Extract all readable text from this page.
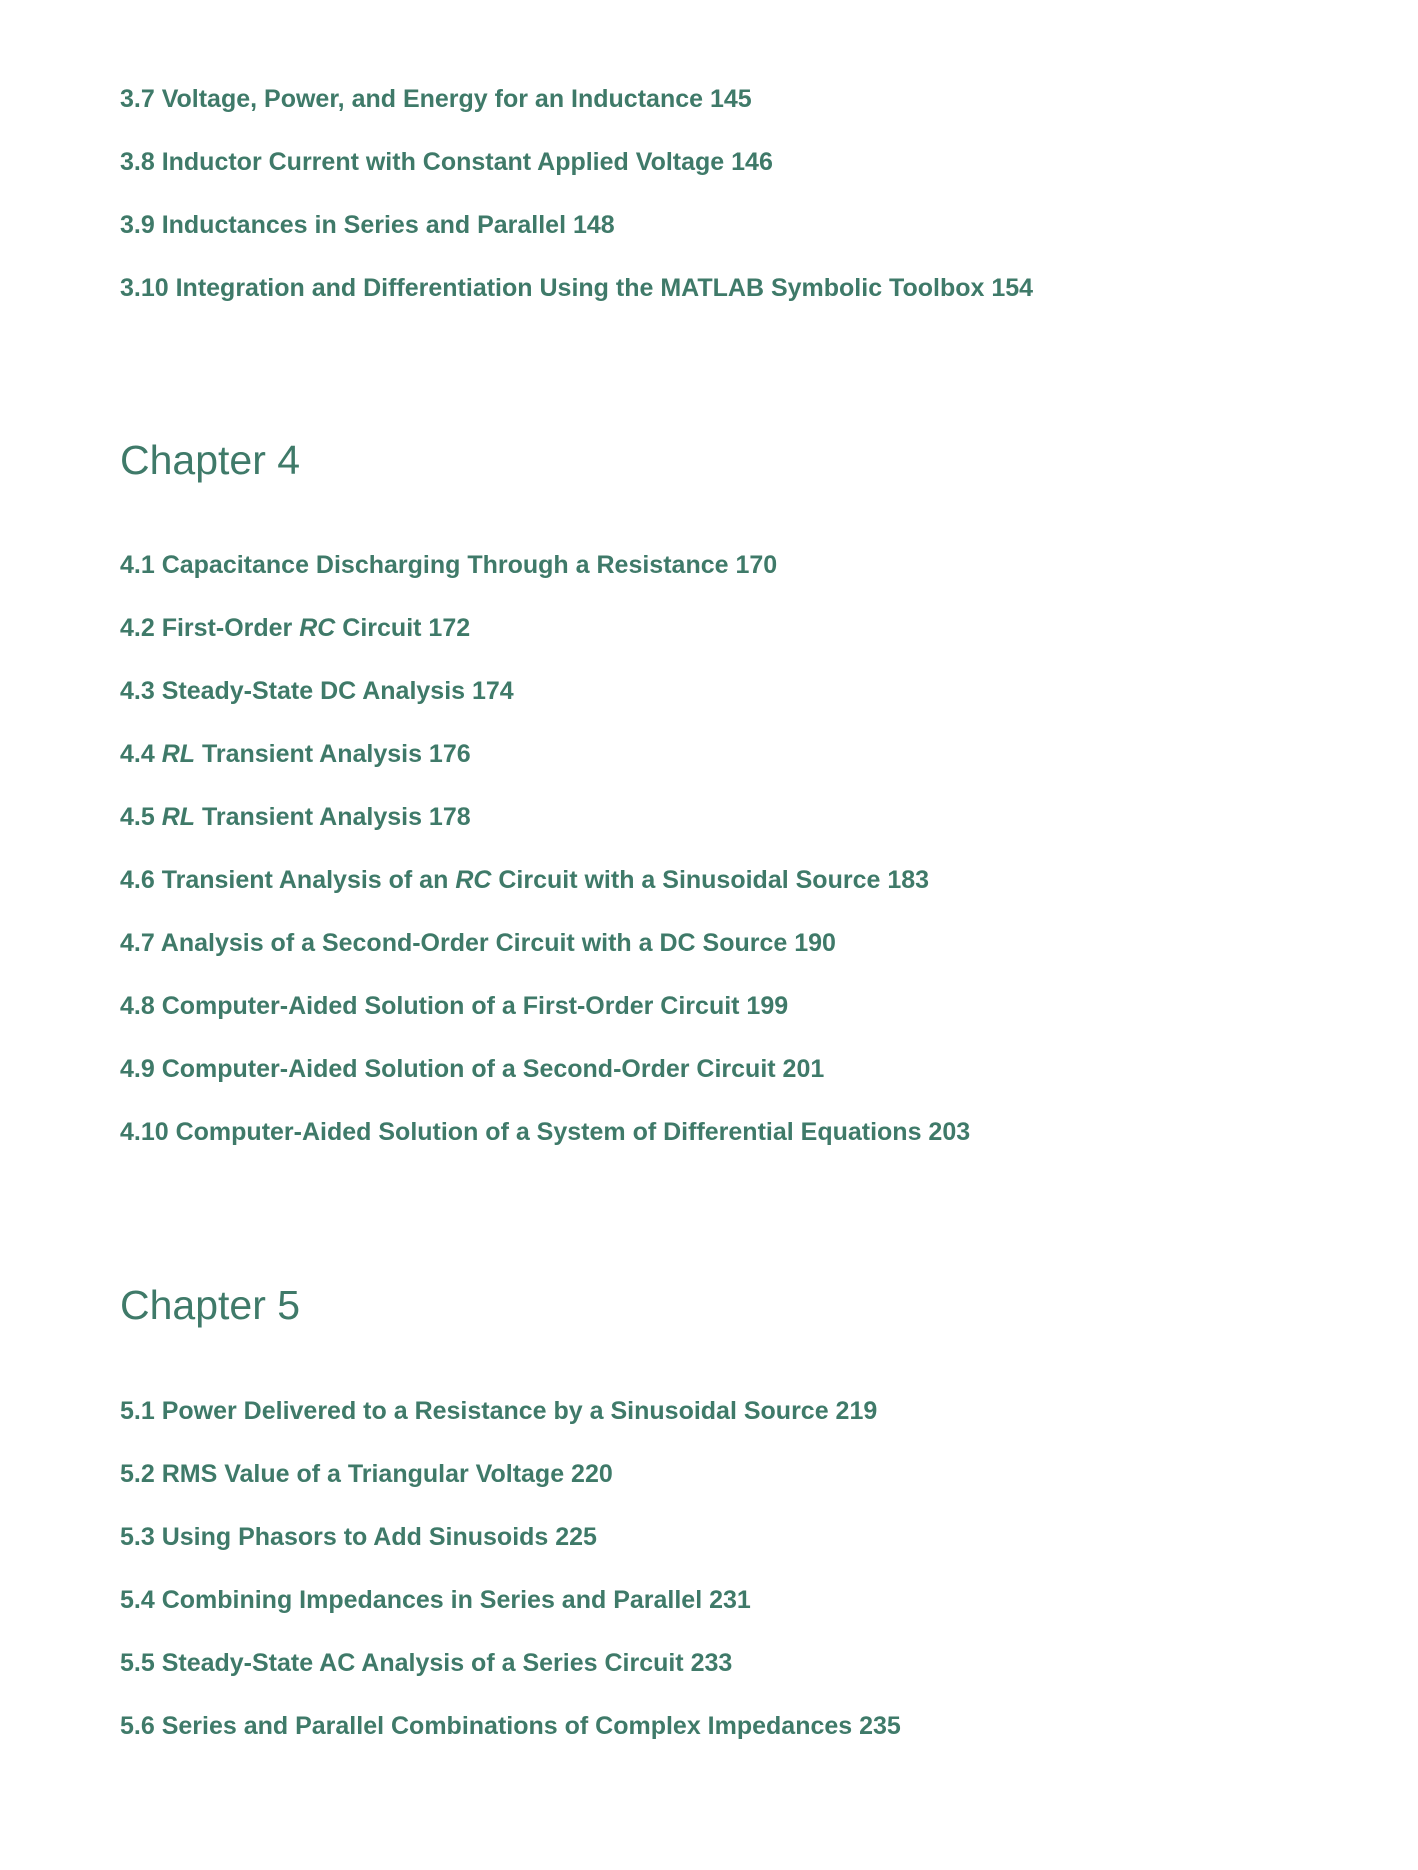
3.7 Voltage, Power, and Energy for an Inductance 145
3.8 Inductor Current with Constant Applied Voltage 146
3.9 Inductances in Series and Parallel 148
3.10 Integration and Differentiation Using the MATLAB Symbolic Toolbox 154
Chapter 4
4.1 Capacitance Discharging Through a Resistance 170
4.2 First-Order RC Circuit 172
4.3 Steady-State DC Analysis 174
4.4 RL Transient Analysis 176
4.5 RL Transient Analysis 178
4.6 Transient Analysis of an RC Circuit with a Sinusoidal Source 183
4.7 Analysis of a Second-Order Circuit with a DC Source 190
4.8 Computer-Aided Solution of a First-Order Circuit 199
4.9 Computer-Aided Solution of a Second-Order Circuit 201
4.10 Computer-Aided Solution of a System of Differential Equations 203
Chapter 5
5.1 Power Delivered to a Resistance by a Sinusoidal Source 219
5.2 RMS Value of a Triangular Voltage 220
5.3 Using Phasors to Add Sinusoids 225
5.4 Combining Impedances in Series and Parallel 231
5.5 Steady-State AC Analysis of a Series Circuit 233
5.6 Series and Parallel Combinations of Complex Impedances 235
